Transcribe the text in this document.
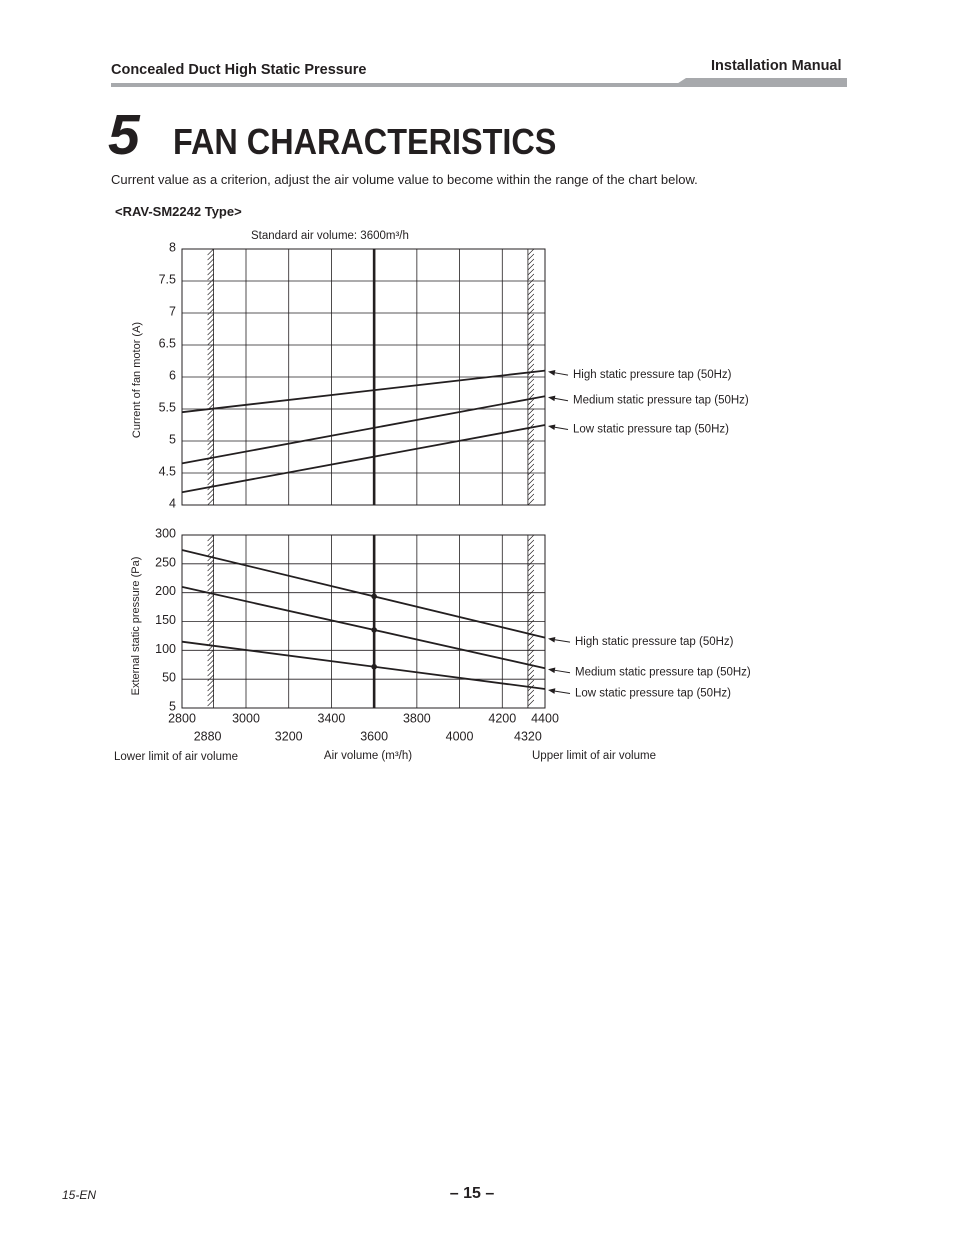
Concealed Duct High Static Pressure	Installation Manual
5 FAN CHARACTERISTICS

Current value as a criterion, adjust the air volume value to become within the range of the chart below.

<RAV-SM2242 Type>
8
7.5
7
6.5
6
5.5
5
4.5
4
High static pressure tap (50Hz)
Medium static pressure tap (50Hz)
Low static pressure tap (50Hz)
Current of fan motor (A)
Standard air volume: 3600m³/h
300
250
200
150
100
50
5
High static pressure tap (50Hz)
Medium static pressure tap (50Hz)
Low static pressure tap (50Hz)
External static pressure (Pa)
2800	3000	3400	3800	4200 4400
2880	3200	3600	4000	4320
Lower limit of air volume	Air volume (m³/h)	Upper limit of air volume
15-EN	– 15 –
